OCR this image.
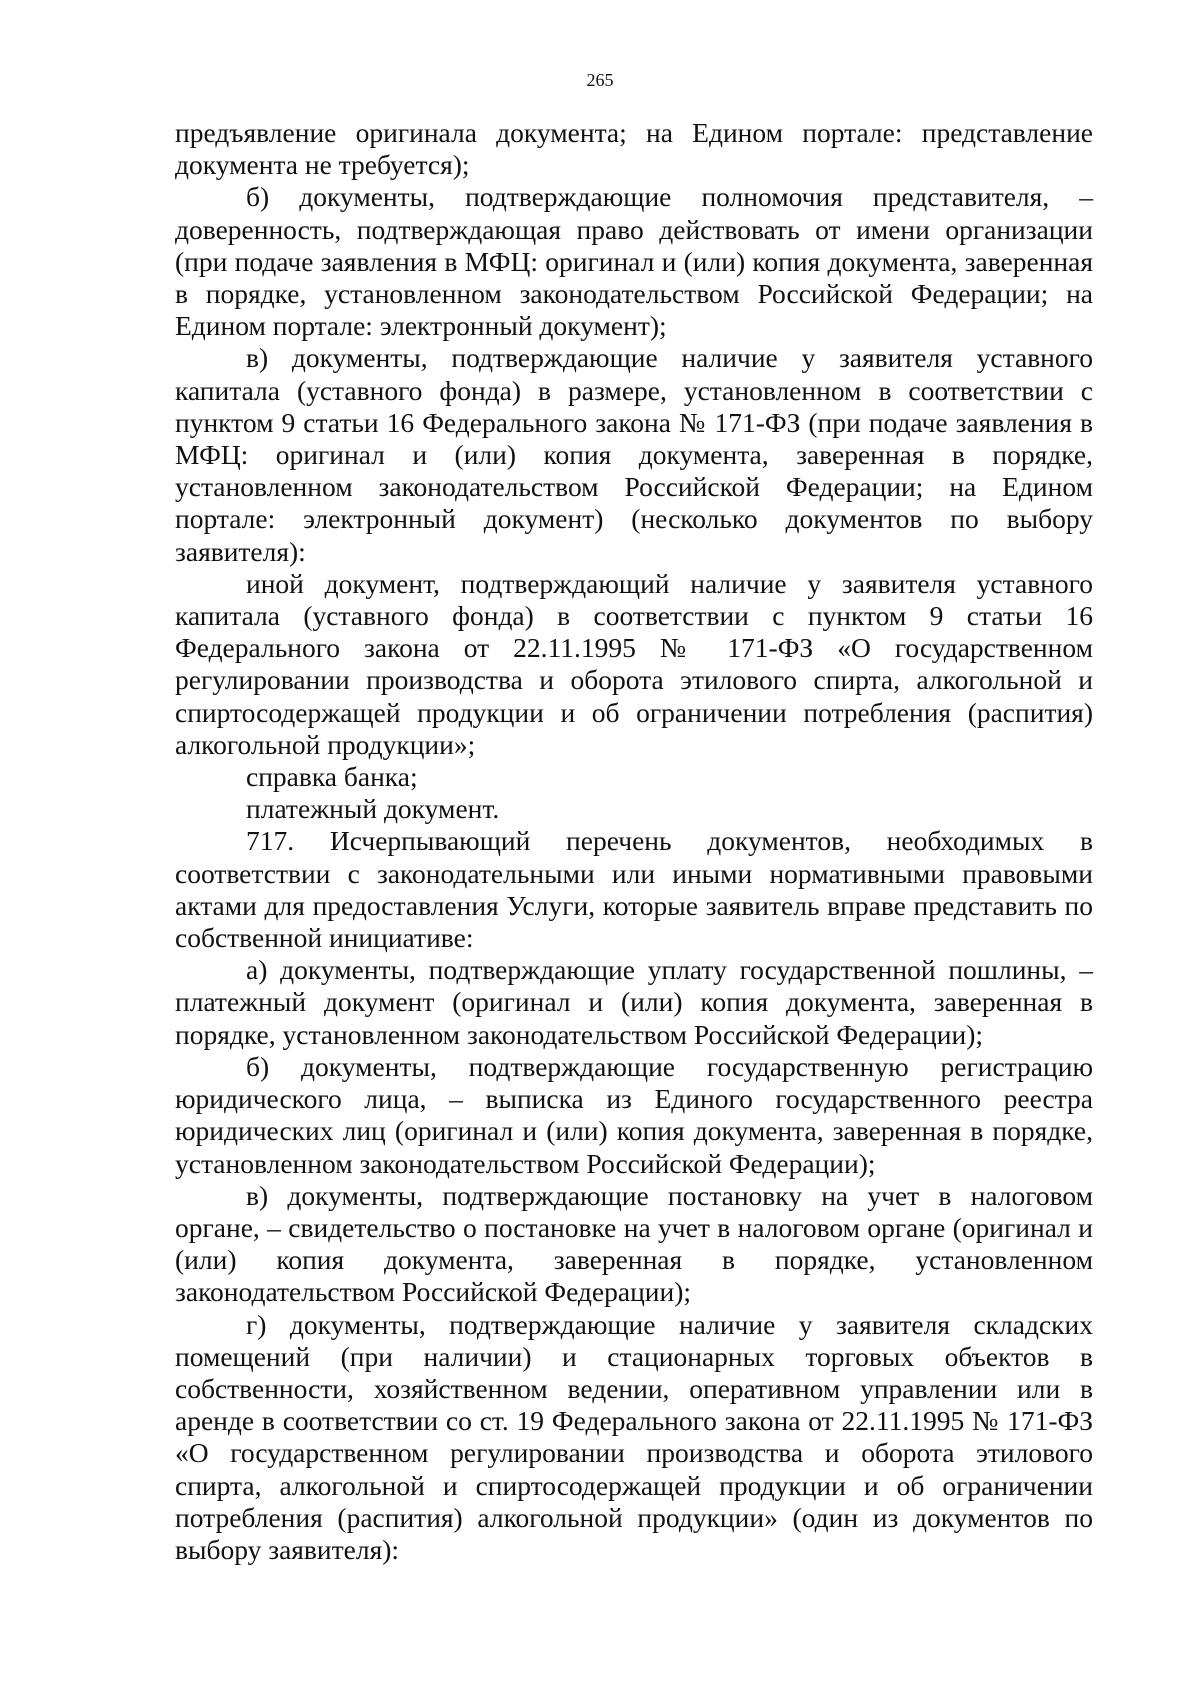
265

предъявление оригинала документа; на Едином портале: представление документа не требуется);

б) документы, подтверждающие полномочия представителя, – доверенность, подтверждающая право действовать от имени организации (при подаче заявления в МФЦ: оригинал и (или) копия документа, заверенная в порядке, установленном законодательством Российской Федерации; на Едином портале: электронный документ);

в) документы, подтверждающие наличие у заявителя уставного капитала (уставного фонда) в размере, установленном в соответствии с пунктом 9 статьи 16 Федерального закона № 171-ФЗ (при подаче заявления в МФЦ: оригинал и (или) копия документа, заверенная в порядке, установленном законодательством Российской Федерации; на Едином портале: электронный документ) (несколько документов по выбору заявителя):

иной документ, подтверждающий наличие у заявителя уставного капитала (уставного фонда) в соответствии с пунктом 9 статьи 16 Федерального закона от 22.11.1995 № 171-ФЗ «О государственном регулировании производства и оборота этилового спирта, алкогольной и спиртосодержащей продукции и об ограничении потребления (распития) алкогольной продукции»;

справка банка;

платежный документ.

717. Исчерпывающий перечень документов, необходимых в соответствии с законодательными или иными нормативными правовыми актами для предоставления Услуги, которые заявитель вправе представить по собственной инициативе:

а) документы, подтверждающие уплату государственной пошлины, – платежный документ (оригинал и (или) копия документа, заверенная в порядке, установленном законодательством Российской Федерации);

б) документы, подтверждающие государственную регистрацию юридического лица, – выписка из Единого государственного реестра юридических лиц (оригинал и (или) копия документа, заверенная в порядке, установленном законодательством Российской Федерации);

в) документы, подтверждающие постановку на учет в налоговом органе, – свидетельство о постановке на учет в налоговом органе (оригинал и (или) копия документа, заверенная в порядке, установленном законодательством Российской Федерации);

г) документы, подтверждающие наличие у заявителя складских помещений (при наличии) и стационарных торговых объектов в собственности, хозяйственном ведении, оперативном управлении или в аренде в соответствии со ст. 19 Федерального закона от 22.11.1995 № 171-ФЗ «О государственном регулировании производства и оборота этилового спирта, алкогольной и спиртосодержащей продукции и об ограничении потребления (распития) алкогольной продукции» (один из документов по выбору заявителя):
